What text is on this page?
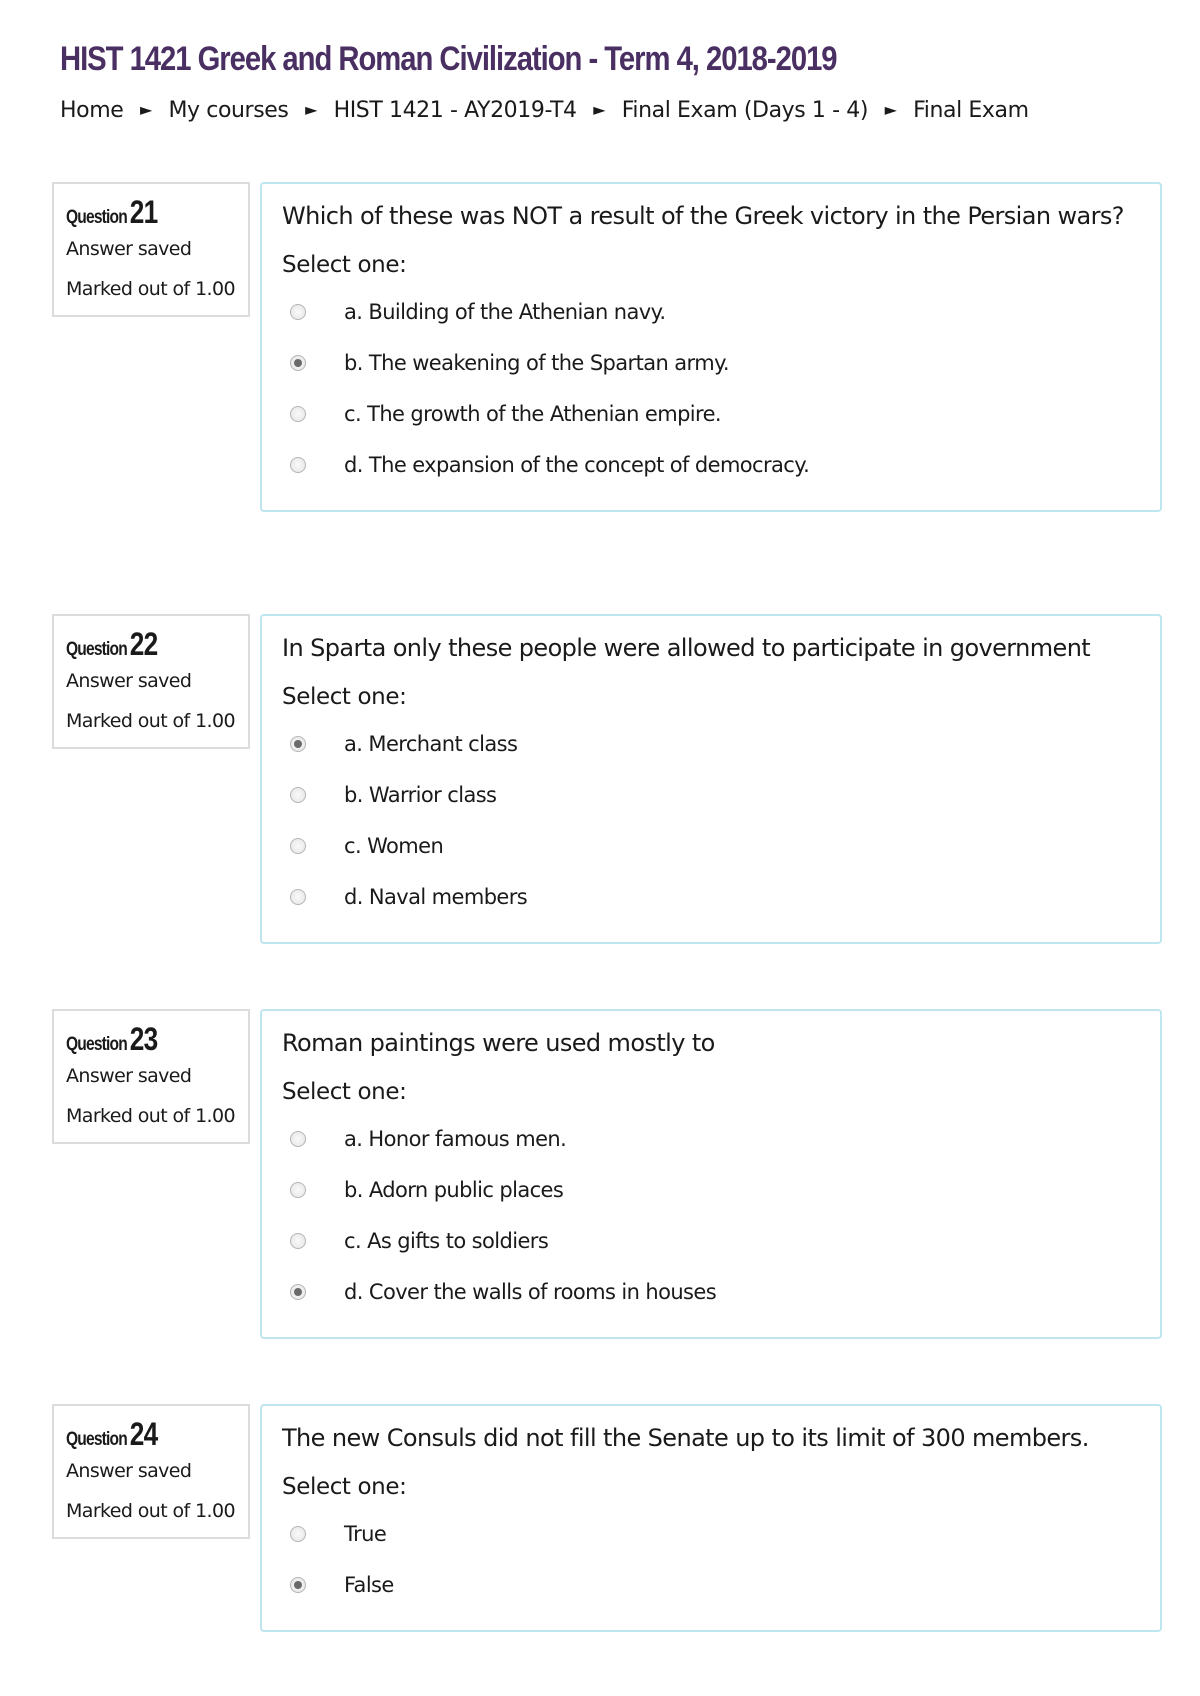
HIST 1421 Greek and Roman Civilization - Term 4, 2018-2019
Home ► My courses ► HIST 1421 - AY2019-T4 ► Final Exam (Days 1 - 4) ► Final Exam
Question 21
Answer saved
Marked out of 1.00
Which of these was NOT a result of the Greek victory in the Persian wars?
Select one:
a. Building of the Athenian navy.
b. The weakening of the Spartan army.
c. The growth of the Athenian empire.
d. The expansion of the concept of democracy.
Question 22
Answer saved
Marked out of 1.00
In Sparta only these people were allowed to participate in government
Select one:
a. Merchant class
b. Warrior class
c. Women
d. Naval members
Question 23
Answer saved
Marked out of 1.00
Roman paintings were used mostly to
Select one:
a. Honor famous men.
b. Adorn public places
c. As gifts to soldiers
d. Cover the walls of rooms in houses
Question 24
Answer saved
Marked out of 1.00
The new Consuls did not fill the Senate up to its limit of 300 members.
Select one:
True
False
